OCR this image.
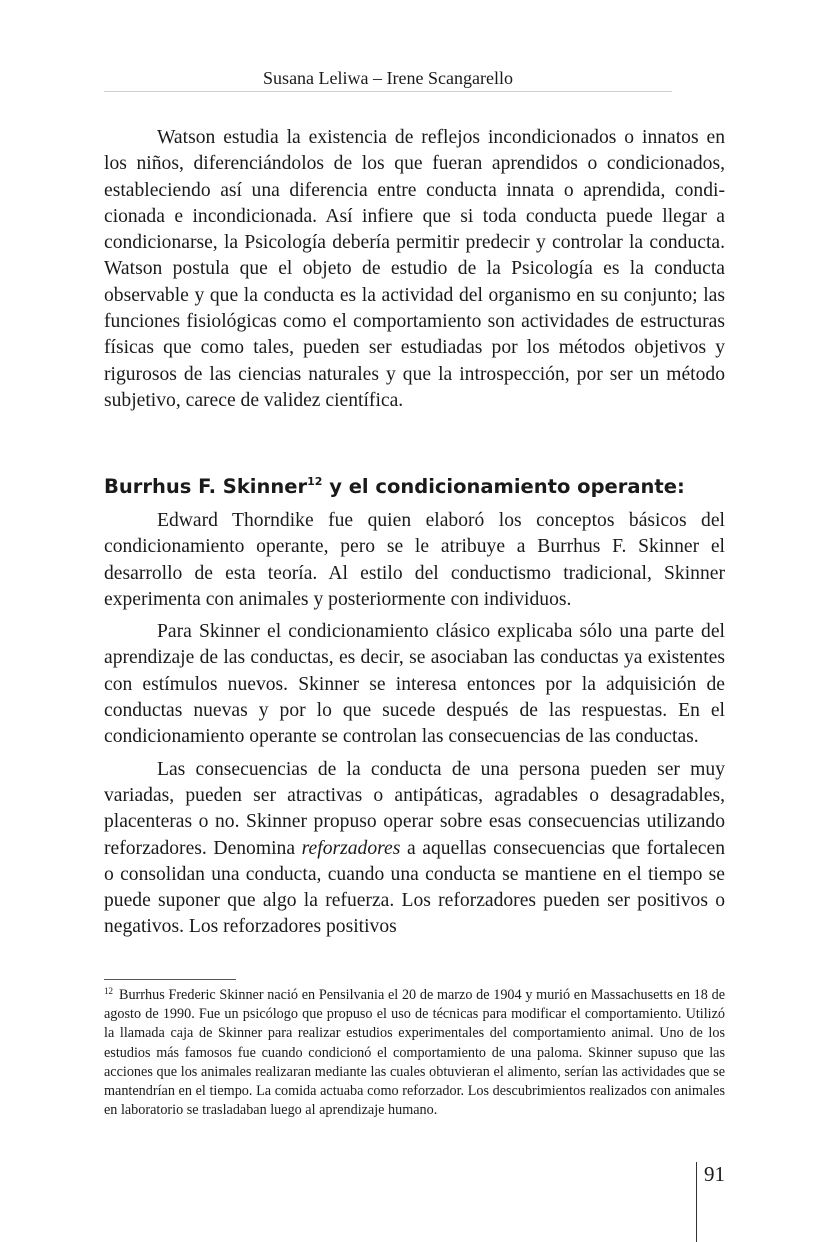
Susana Leliwa – Irene Scangarello

Watson estudia la existencia de reflejos incondicionados o innatos en los niños, diferenciándolos de los que fueran aprendidos o condicionados, estableciendo así una diferencia entre conducta innata o aprendida, condicionada e incondicionada. Así infiere que si toda conducta puede llegar a condicionarse, la Psicología debería permitir predecir y controlar la conducta. Watson postula que el objeto de estudio de la Psicología es la conducta observable y que la conducta es la actividad del organismo en su conjunto; las funciones fisiológicas como el comportamiento son actividades de estructuras físicas que como tales, pueden ser estudiadas por los métodos objetivos y rigurosos de las ciencias naturales y que la introspección, por ser un método subjetivo, carece de validez científica.

Burrhus F. Skinner$^{12}$ y el condicionamiento operante:

Edward Thorndike fue quien elaboró los conceptos básicos del condicionamiento operante, pero se le atribuye a Burrhus F. Skinner el desarrollo de esta teoría. Al estilo del conductismo tradicional, Skinner experimenta con animales y posteriormente con individuos.

Para Skinner el condicionamiento clásico explicaba sólo una parte del aprendizaje de las conductas, es decir, se asociaban las conductas ya existentes con estímulos nuevos. Skinner se interesa entonces por la adquisición de conductas nuevas y por lo que sucede después de las respuestas. En el condicionamiento operante se controlan las consecuencias de las conductas.

Las consecuencias de la conducta de una persona pueden ser muy variadas, pueden ser atractivas o antipáticas, agradables o desagradables, placenteras o no. Skinner propuso operar sobre esas consecuencias utilizando reforzadores. Denomina reforzadores a aquellas consecuencias que fortalecen o consolidan una conducta, cuando una conducta se mantiene en el tiempo se puede suponer que algo la refuerza. Los reforzadores pueden ser positivos o negativos. Los reforzadores positivos

$^{12}$ Burrhus Frederic Skinner nació en Pensilvania el 20 de marzo de 1904 y murió en Massachusetts en 18 de agosto de 1990. Fue un psicólogo que propuso el uso de técnicas para modificar el comportamiento. Utilizó la llamada caja de Skinner para realizar estudios experimentales del comportamiento animal. Uno de los estudios más famosos fue cuando condicionó el comportamiento de una paloma. Skinner supuso que las acciones que los animales realizaran mediante las cuales obtuvieran el alimento, serían las actividades que se mantendrían en el tiempo. La comida actuaba como reforzador. Los descubrimientos realizados con animales en laboratorio se trasladaban luego al aprendizaje humano.

91
